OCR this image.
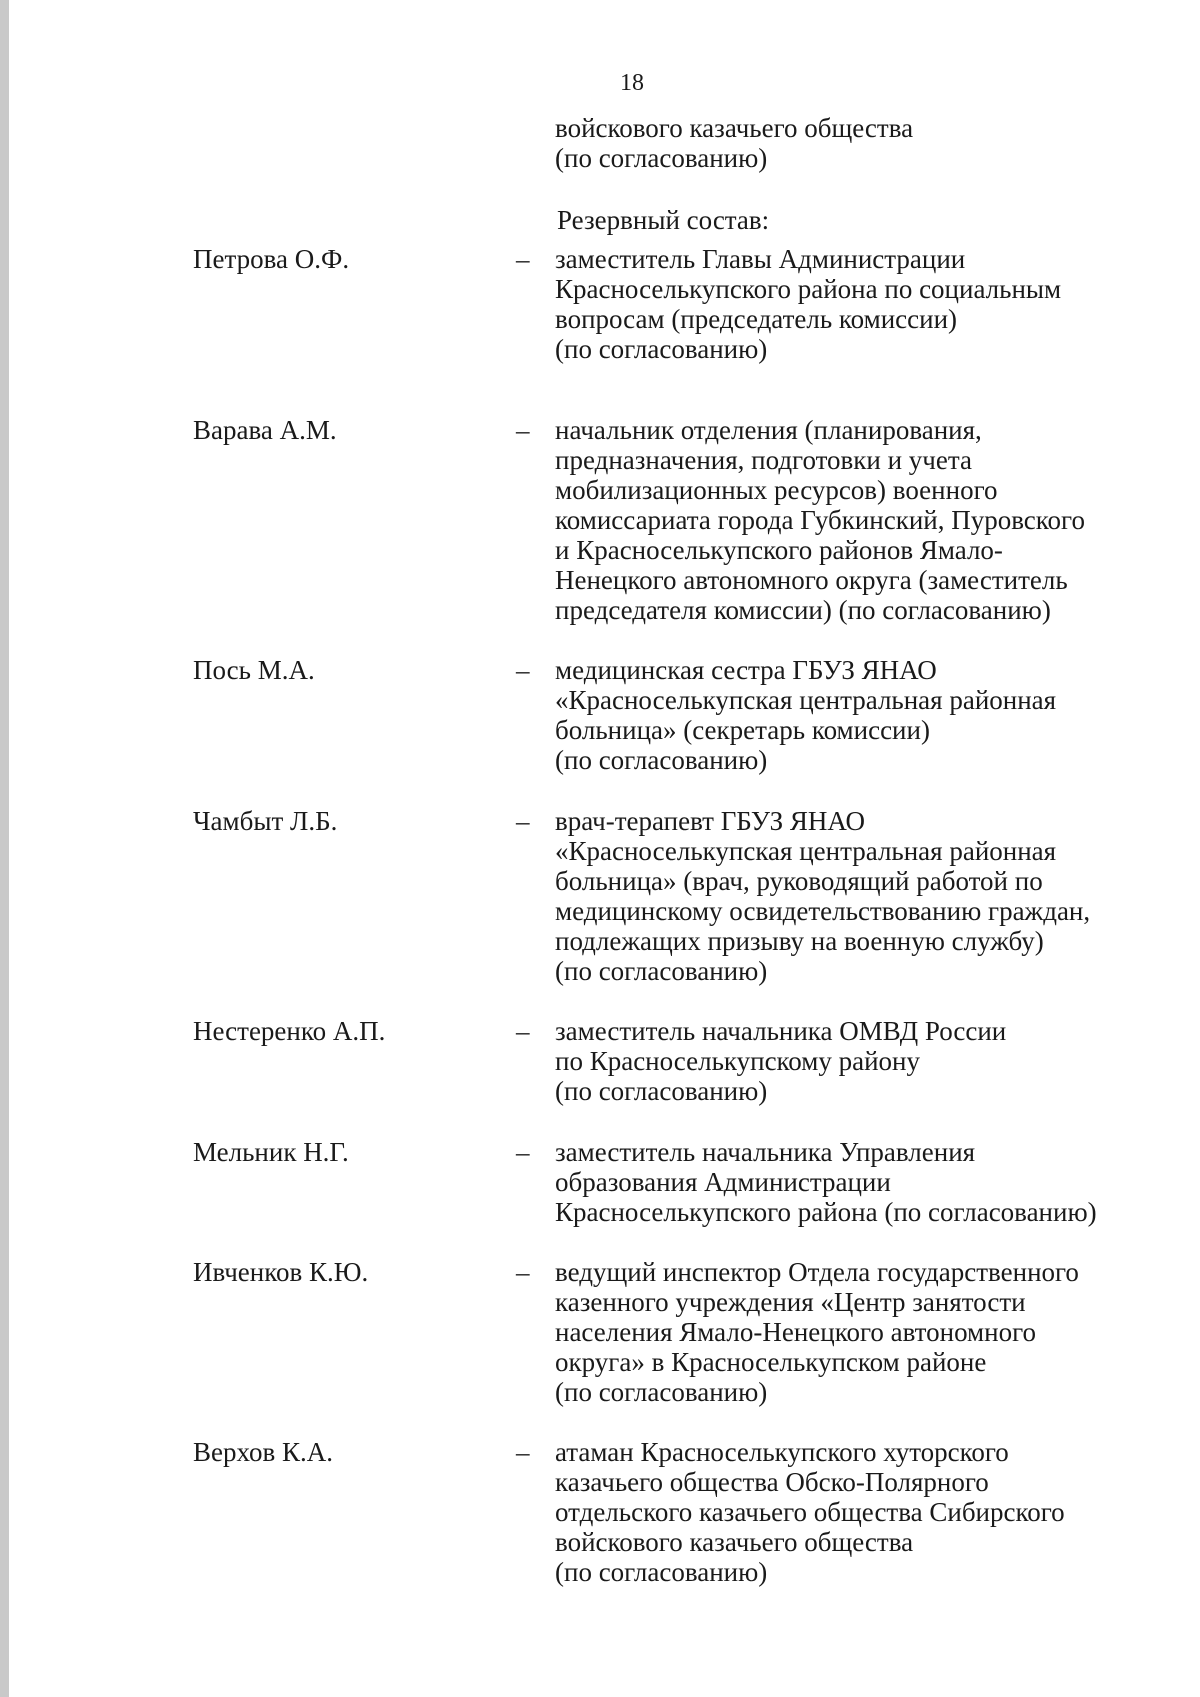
18
войскового казачьего общества
(по согласованию)
Резервный состав:
Петрова О.Ф.	– заместитель Главы Администрации
Красноселькупского района по социальным
вопросам (председатель комиссии)
(по согласованию)
Варава А.М.	– начальник отделения (планирования,
предназначения, подготовки и учета
мобилизационных ресурсов) военного
комиссариата города Губкинский, Пуровского
и Красноселькупского районов Ямало-
Ненецкого автономного округа (заместитель
председателя комиссии) (по согласованию)
Пось М.А.	– медицинская сестра ГБУЗ ЯНАО
«Красноселькупская центральная районная
больница» (секретарь комиссии)
(по согласованию)
Чамбыт Л.Б.	– врач-терапевт ГБУЗ ЯНАО
«Красноселькупская центральная районная
больница» (врач, руководящий работой по
медицинскому освидетельствованию граждан,
подлежащих призыву на военную службу)
(по согласованию)
Нестеренко А.П.	– заместитель начальника ОМВД России
по Красноселькупскому району
(по согласованию)
Мельник Н.Г.	– заместитель начальника Управления
образования Администрации
Красноселькупского района (по согласованию)
Ивченков К.Ю.	– ведущий инспектор Отдела государственного
казенного учреждения «Центр занятости
населения Ямало-Ненецкого автономного
округа» в Красноселькупском районе
(по согласованию)
Верхов К.А.	– атаман Красноселькупского хуторского
казачьего общества Обско-Полярного
отдельского казачьего общества Сибирского
войскового казачьего общества
(по согласованию)
